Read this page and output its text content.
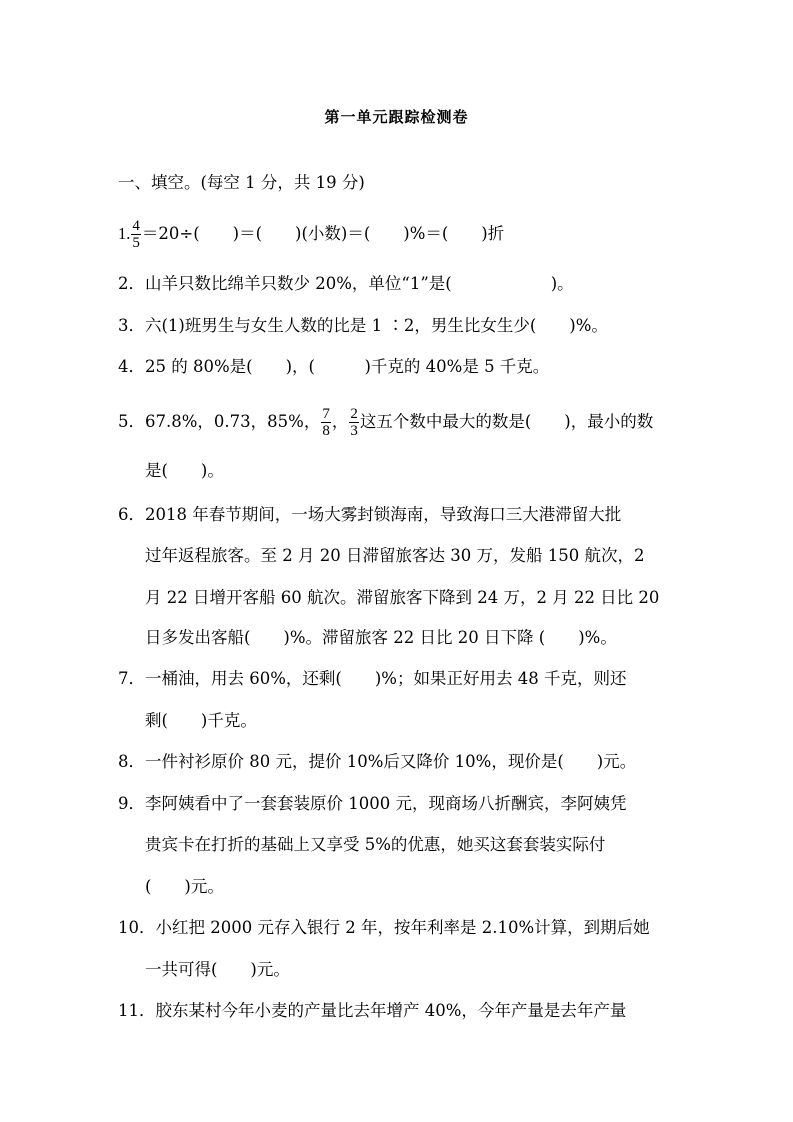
第一单元跟踪检测卷
一、填空。(每空 1 分，共 19 分)
1. $\frac{4}{5} =20\div$(　　)＝(　　)(小数)＝(　　)%＝(　　)折
2．山羊只数比绵羊只数少 20%，单位“1”是(　　　　　　)。
3．六(1)班男生与女生人数的比是 1 ∶2，男生比女生少(　　)%。
4．25 的 80%是(　　)，(　　　)千克的 40%是 5 千克。
5．67.8%，0.73，85%， $\frac{7}{8}$ ， $\frac{2}{3}$ 这五个数中最大的数是(　　)，最小的数
是(　　)。
6．2018 年春节期间，一场大雾封锁海南，导致海口三大港滞留大批
过年返程旅客。至 2 月 20 日滞留旅客达 30 万，发船 150 航次，2
月 22 日增开客船 60 航次。滞留旅客下降到 24 万，2 月 22 日比 20
日多发出客船(　　)%。滞留旅客 22 日比 20 日下降 (　　)%。
7．一桶油，用去 60%，还剩(　　)%；如果正好用去 48 千克，则还
剩(　　)千克。
8．一件衬衫原价 80 元，提价 10%后又降价 10%，现价是(　　)元。
9．李阿姨看中了一套套装原价 1000 元，现商场八折酬宾，李阿姨凭
贵宾卡在打折的基础上又享受 5%的优惠，她买这套套装实际付
(　　)元。
10．小红把 2000 元存入银行 2 年，按年利率是 2.10%计算，到期后她
一共可得(　　)元。
11．胶东某村今年小麦的产量比去年增产 40%，今年产量是去年产量
